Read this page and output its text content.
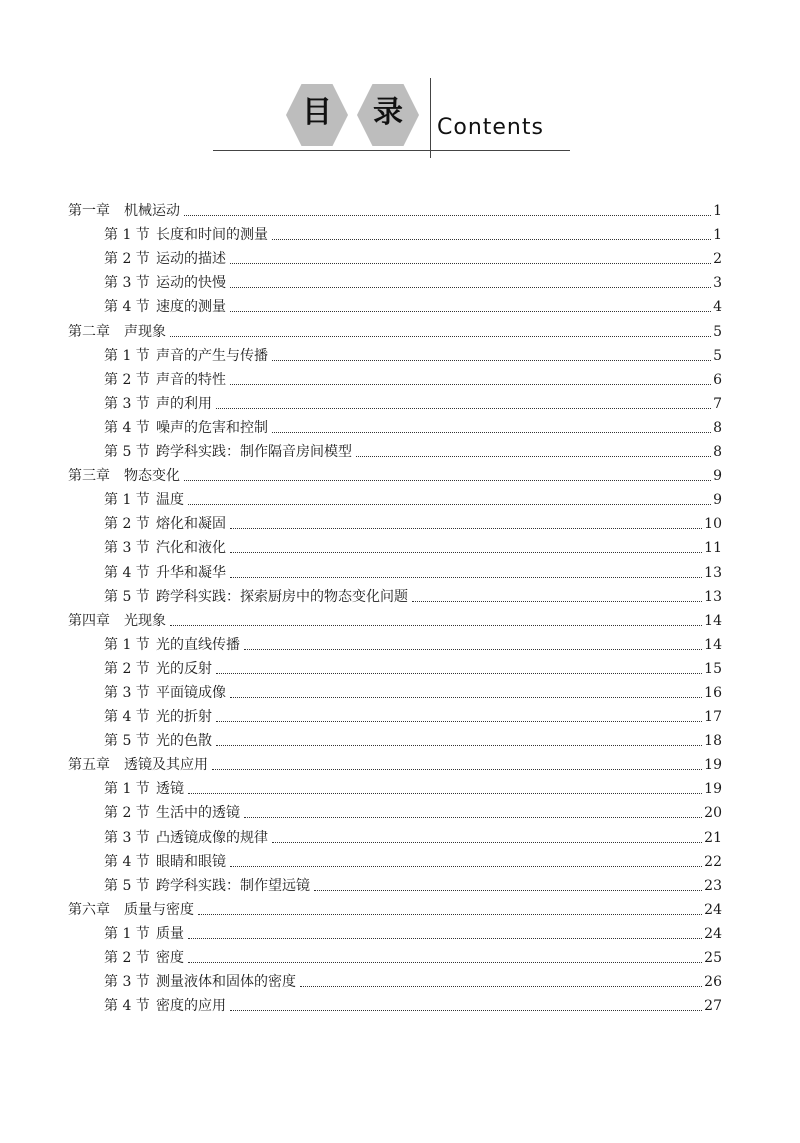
目	录	Contents
第一章	机械运动	1
第 1 节 长度和时间的测量	1
第 2 节 运动的描述	2
第 3 节 运动的快慢	3
第 4 节 速度的测量	4
第二章	声现象	5
第 1 节 声音的产生与传播	5
第 2 节 声音的特性	6
第 3 节 声的利用	7
第 4 节 噪声的危害和控制	8
第 5 节 跨学科实践：制作隔音房间模型	8
第三章	物态变化	9
第 1 节 温度	9
第 2 节 熔化和凝固	10
第 3 节 汽化和液化	11
第 4 节 升华和凝华	13
第 5 节 跨学科实践：探索厨房中的物态变化问题	13
第四章	光现象	14
第 1 节 光的直线传播	14
第 2 节 光的反射	15
第 3 节 平面镜成像	16
第 4 节 光的折射	17
第 5 节 光的色散	18
第五章	透镜及其应用	19
第 1 节 透镜	19
第 2 节 生活中的透镜	20
第 3 节 凸透镜成像的规律	21
第 4 节 眼睛和眼镜	22
第 5 节 跨学科实践：制作望远镜	23
第六章	质量与密度	24
第 1 节 质量	24
第 2 节 密度	25
第 3 节 测量液体和固体的密度	26
第 4 节 密度的应用	27
